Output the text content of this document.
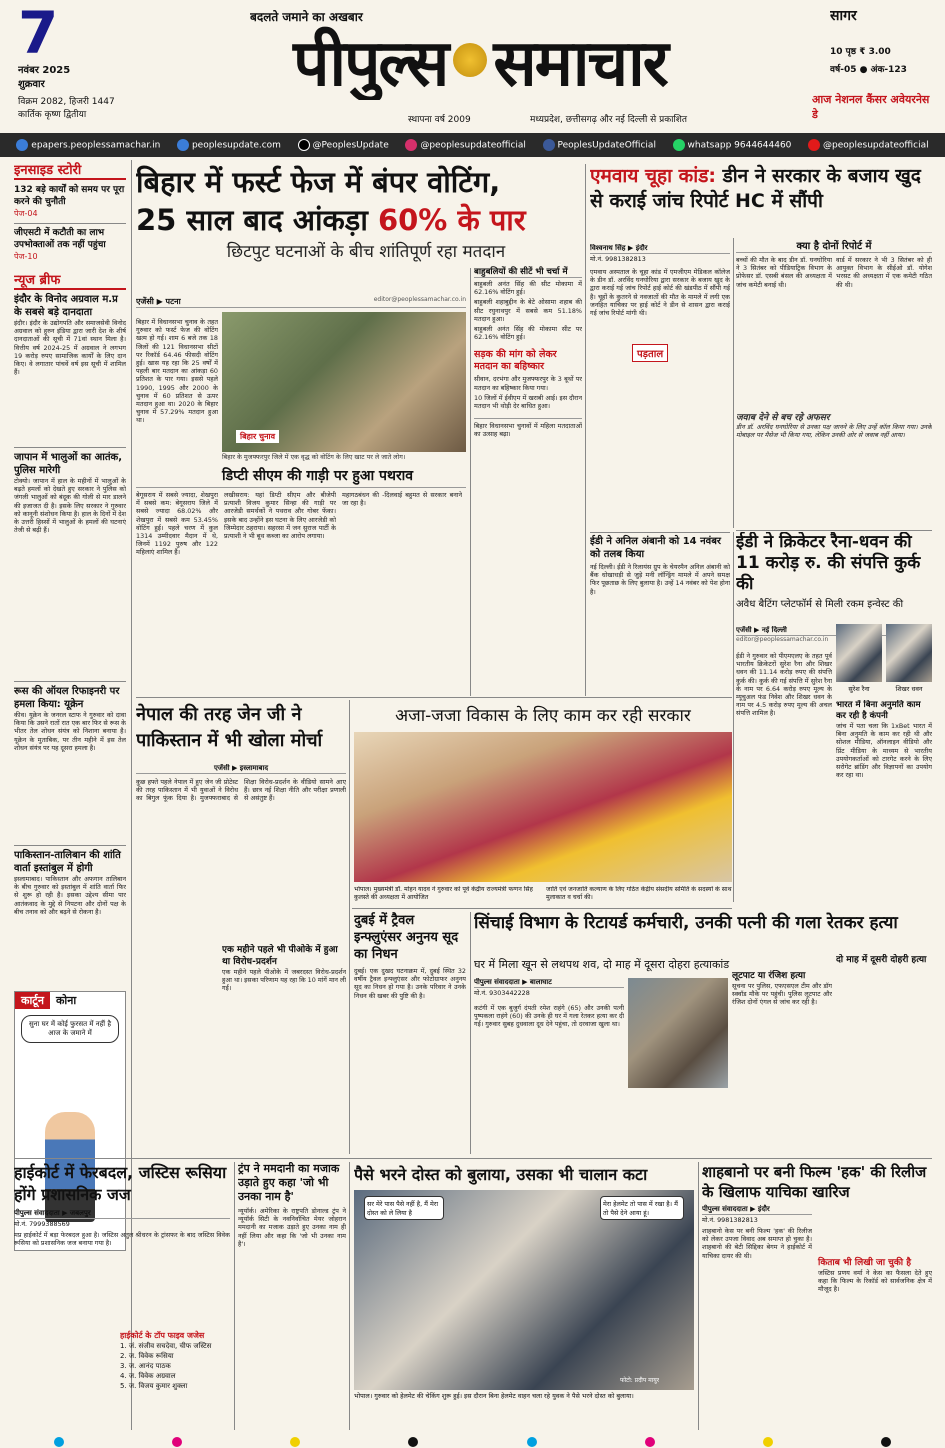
7
नवंबर 2025
शुक्रवार
विक्रम 2082, हिजरी 1447
कार्तिक कृष्ण द्वितीया
बदलते जमाने का अखबार
पीपुल्स समाचार
स्थापना वर्ष 2009	मध्यप्रदेश, छत्तीसगढ़ और नई दिल्ली से प्रकाशित
सागर
10 पृष्ठ ₹ 3.00
वर्ष-05 ● अंक-123
आज नेशनल कैंसर अवेयरनेस डे
epapers.peoplessamachar.in	peoplesupdate.com	@PeoplesUpdate	@peoplesupdateofficial	PeoplesUpdateOfficial	whatsapp 9644644460	@peoplesupdateofficial
इनसाइड स्टोरी
132 बड़े कार्यों को समय पर पूरा करने की चुनौती
पेज-04
जीएसटी में कटौती का लाभ उपभोक्ताओं तक नहीं पहुंचा
पेज-10
न्यूज ब्रीफ
इंदौर के विनोद अग्रवाल म.प्र के सबसे बड़े दानदाता
इंदौर। इंदौर के उद्योगपति और समाजसेवी विनोद अग्रवाल को हुरुन इंडिया द्वारा जारी देश के शीर्ष दानदाताओं की सूची में 71वां स्थान मिला है। वित्तीय वर्ष 2024-25 में अग्रवाल ने लगभग 19 करोड़ रुपए सामाजिक कार्यों के लिए दान किए। वे लगातार पांचवें वर्ष इस सूची में शामिल हैं।
जापान में भालुओं का आतंक, पुलिस मारेगी
टोक्यो। जापान में हाल के महीनों में भालुओं के बढ़ते हमलों को देखते हुए सरकार ने पुलिस को जंगली भालुओं को बंदूक की गोली से मार डालने की इजाजत दी है। इसके लिए सरकार ने गुरुवार को कानूनी संशोधन किया है। हाल के दिनों में देश के उत्तरी हिस्सों में भालुओं के हमलों की घटनाएं तेजी से बढ़ी हैं।
रूस की ऑयल रिफाइनरी पर हमला किया: यूक्रेन
कीव। यूक्रेन के जनरल स्टाफ ने गुरुवार को दावा किया कि उसने रातों रात एक बार फिर से रूस के भीतर तेल शोधन संयंत्र को निशाना बनाया है। यूक्रेन के मुताबिक, पर तीन महीने में इस तेल शोधन संयंत्र पर यह दूसरा हमला है।
पाकिस्तान-तालिबान की शांति वार्ता इस्तांबुल में होगी
इस्लामाबाद। पाकिस्तान और अफगान तालिबान के बीच गुरुवार को इस्तांबुल में शांति वार्ता फिर से शुरू हो रही है। इसका उद्देश्य सीमा पार आतंकवाद के मुद्दे से निपटना और दोनों पक्ष के बीच तनाव को और बढ़ने से रोकना है।
कार्टून	कोना
सुना घर में कोई फुरसत में नहीं है आज के जमाने में
बिहार में फर्स्ट फेज में बंपर वोटिंग,
25 साल बाद आंकड़ा 60% के पार
छिटपुट घटनाओं के बीच शांतिपूर्ण रहा मतदान
एजेंसी ▶ पटना	editor@peoplessamachar.co.in
बिहार चुनाव
बिहार के मुजफ्फरपुर जिले में एक वृद्ध को वोटिंग के लिए खाट पर ले जाते लोग।
बिहार में विधानसभा चुनाव के तहत गुरुवार को फर्स्ट फेज की वोटिंग खत्म हो गई। शाम 6 बजे तक 18 जिलों की 121 विधानसभा सीटों पर रिकॉर्ड 64.46 फीसदी वोटिंग हुई। खास यह रहा कि 25 वर्षों में पहली बार मतदान का आंकड़ा 60 प्रतिशत के पार गया। इससे पहले 1990, 1995 और 2000 के चुनाव में 60 प्रतिशत से ऊपर मतदान हुआ था। 2020 के बिहार चुनाव में 57.29% मतदान हुआ था।
डिप्टी सीएम की गाड़ी पर हुआ पथराव
बेगूसराय में सबसे ज्यादा, शेखपुरा में सबसे कम: बेगूसराय जिले में सबसे ज्यादा 68.02% और शेखपुरा में सबसे कम 53.45% वोटिंग हुई। पहले चरण में कुल 1314 उम्मीदवार मैदान में थे, जिनमें 1192 पुरुष और 122 महिलाएं शामिल हैं।
लखीसराय: यहां डिप्टी सीएम और बीजेपी प्रत्याशी विजय कुमार सिन्हा की गाड़ी पर आरजेडी समर्थकों ने पथराव और गोबर फेंका। इसके बाद उन्होंने इस घटना के लिए आरजेडी को जिम्मेदार ठहराया। सहरसा में जन सुराज पार्टी के प्रत्याशी ने भी बूथ कब्जा का आरोप लगाया।
महागठबंधन की -दिलवाई बहुमत से सरकार बनाने जा रहा है।
बाहुबलियों की सीटें भी चर्चा में
बाहुबली अनंत सिंह की सीट मोकामा में 62.16% वोटिंग हुई।
बाहुबली शहाबुद्दीन के बेटे ओसामा शहाब की सीट रघुनाथपुर में सबसे कम 51.18% मतदान हुआ।
बाहुबली अनंत सिंह की मोकामा सीट पर 62.16% वोटिंग हुई।
सड़क की मांग को लेकर मतदान का बहिष्कार
सीवान, दरभंगा और मुजफ्फरपुर के 3 बूथों पर मतदान का बहिष्कार किया गया।
10 जिलों में ईवीएम में खराबी आई। इस दौरान मतदान भी थोड़ी देर बाधित हुआ।
बिहार विधानसभा चुनावों में महिला मतदाताओं का उत्साह बढ़ा।
एमवाय चूहा कांड: डीन ने सरकार के बजाय खुद से कराई जांच रिपोर्ट HC में सौंपी
विश्वनाथ सिंह ▶ इंदौर
मो.नं. 9981382813
एमवाय अस्पताल के चूहा कांड में एमजीएम मेडिकल कॉलेज के डीन डॉ. अरविंद घनघोरिया द्वारा सरकार के बजाय खुद के द्वारा कराई गई जांच रिपोर्ट हाई कोर्ट की खंडपीठ में सौंपी गई है। चूहों के कुतरने से नवजातों की मौत के मामले में लगी एक जनहित याचिका पर हाई कोर्ट ने डीन से शासन द्वारा कराई गई जांच रिपोर्ट मांगी थी।
पड़ताल
क्या है दोनों रिपोर्ट में
बच्चों की मौत के बाद डीन डॉ. घनघोरिया ने 3 सितंबर को पीडियाट्रिक विभाग के प्रोफेसर डॉ. एसबी बंसल की अध्यक्षता में जांच कमेटी बनाई थी।
वार्ड में सरकार ने भी 3 सितंबर को ही आयुक्त विभाग के सीईओ डॉ. योगेश भरसट की अध्यक्षता में एक कमेटी गठित की थी।
जवाब देने से बच रहे अफसर
डीन डॉ. अरविंद घनघोरिया से उनका पक्ष जानने के लिए उन्हें कॉल किया गया। उनके मोबाइल पर मैसेज भी किया गया, लेकिन उनकी ओर से जवाब नहीं आया।
ईडी ने अनिल अंबानी को 14 नवंबर को तलब किया
नई दिल्ली। ईडी ने रिलायंस ग्रुप के चेयरमैन अनिल अंबानी को बैंक धोखाधड़ी से जुड़े मनी लॉन्ड्रिंग मामले में अपने समक्ष फिर पूछताछ के लिए बुलाया है। उन्हें 14 नवंबर को पेश होना है।
ईडी ने क्रिकेटर रैना-धवन की 11 करोड़ रु. की संपत्ति कुर्क की
अवैध बैटिंग प्लेटफॉर्म से मिली रकम इन्वेस्ट की
एजेंसी ▶ नई दिल्ली
editor@peoplessamachar.co.in
ईडी ने गुरुवार को पीएमएलए के तहत पूर्व भारतीय क्रिकेटरों सुरेश रैना और शिखर धवन की 11.14 करोड़ रुपए की संपत्ति कुर्क की। कुर्क की गई संपत्ति में सुरेश रैना के नाम पर 6.64 करोड़ रुपए मूल्य के म्यूचुअल फंड निवेश और शिखर धवन के नाम पर 4.5 करोड़ रुपए मूल्य की अचल संपत्ति शामिल है।
सुरेश रैना	शिखर धवन
भारत में बिना अनुमति काम कर रही है कंपनी
जांच में पता चला कि 1xBet भारत में बिना अनुमति के काम कर रही थी और सोशल मीडिया, ऑनलाइन वीडियो और प्रिंट मीडिया के माध्यम से भारतीय उपयोगकर्ताओं को टारगेट करने के लिए सरोगेट ब्रांडिंग और विज्ञापनों का उपयोग कर रहा था।
नेपाल की तरह जेन जी ने पाकिस्तान में भी खोला मोर्चा
एजेंसी ▶ इस्लामाबाद
कुछ हफ्ते पहले नेपाल में हुए जेन जी प्रोटेस्ट की तरह पाकिस्तान में भी युवाओं ने विरोध का बिगुल फूंक दिया है। मुजफ्फराबाद से शिक्षा विरोध-प्रदर्शन के वीडियो सामने आए हैं। छात्र नई शिक्षा नीति और परीक्षा प्रणाली से असंतुष्ट हैं।
एक महीने पहले भी पीओके में हुआ था विरोध-प्रदर्शन
एक महीने पहले पीओके में जबरदस्त विरोध-प्रदर्शन हुआ था। इसका परिणाम यह रहा कि 10 मांगें मान ली गईं।
अजा-जजा विकास के लिए काम कर रही सरकार
भोपाल। मुख्यमंत्री डॉ. मोहन यादव ने गुरुवार को पूर्व केंद्रीय राज्यमंत्री फग्गन सिंह कुलस्ते की अध्यक्षता में आयोजित
जाति एवं जनजाति कल्याण के लिए गठित केंद्रीय संसदीय समिति के सदस्यों के साथ मुलाकात व चर्चा की।
दुबई में ट्रैवल इन्फ्लुएंसर अनुनय सूद का निधन
दुबई। एक दुखद घटनाक्रम में, दुबई स्थित 32 वर्षीय ट्रैवल इन्फ्लुएंसर और फोटोग्राफर अनुनय सूद का निधन हो गया है। उनके परिवार ने उनके निधन की खबर की पुष्टि की है।
सिंचाई विभाग के रिटायर्ड कर्मचारी, उनकी पत्नी की गला रेतकर हत्या
घर में मिला खून से लथपथ शव, दो माह में दूसरा दोहरा हत्याकांड
पीपुल्स संवाददाता ▶ बालाघाट
मो.नं. 9303442228
कटंगी में एक बुजुर्ग दंपती रमेश राहंगे (65) और उनकी पत्नी पुष्पकला राहंगे (60) की उनके ही घर में गला रेतकर हत्या कर दी गई। गुरुवार सुबह दुधवाला दूध देने पहुंचा, तो दरवाजा खुला था।
लूटपाट या रंजिश हत्या
सूचना पर पुलिस, एफएसएल टीम और डॉग स्क्वॉड मौके पर पहुंची। पुलिस लूटपाट और रंजिश दोनों एंगल से जांच कर रही है।
दो माह में दूसरी दोहरी हत्या
हाईकोर्ट में फेरबदल, जस्टिस रूसिया होंगे प्रशासनिक जज
पीपुल्स संवाददाता ▶ जबलपुर
मो.नं. 7999388569
मप्र हाईकोर्ट में बड़ा फेरबदल हुआ है। जस्टिस अतुल श्रीधरन के ट्रांसफर के बाद जस्टिस विवेक रूसिया को प्रशासनिक जज बनाया गया है।
हाईकोर्ट के टॉप फाइव जजेस
1. जं. संजीव सचदेवा, चीफ जस्टिस
2. ज. विवेक रूसिया
3. ज. आनंद पाठक
4. ज. विवेक अग्रवाल
5. ज. विजय कुमार शुक्ला
ट्रंप ने ममदानी का मजाक उड़ाते हुए कहा 'जो भी उनका नाम है'
न्यूयॉर्क। अमेरिका के राष्ट्रपति डोनाल्ड ट्रंप ने न्यूयॉर्क सिटी के नवनिर्वाचित मेयर जोहरान ममदानी का मजाक उड़ाते हुए उनका नाम ही नहीं लिया और कहा कि 'जो भी उनका नाम है'।
पैसे भरने दोस्त को बुलाया, उसका भी चालान कटा
सर मेरे पास पैसे नहीं है, मैं मेरा दोस्त को ले लिया है
मेरा हेलमेट तो पास में रखा है। मैं तो पैसे देने आया हूं।
फोटो: प्रदीप मायुर
भोपाल। गुरुवार को हेलमेट की चेकिंग शुरू हुई। इस दौरान बिना हेलमेट वाहन चला रहे युवक ने पैसे भरने दोस्त को बुलाया।
शाहबानो पर बनी फिल्म 'हक' की रिलीज के खिलाफ याचिका खारिज
पीपुल्स संवाददाता ▶ इंदौर
मो.नं. 9981382813
शाहबानो केस पर बनी फिल्म 'हक' की रिलीज को लेकर उपजा विवाद अब समाप्त हो चुका है। शाहबानो की बेटी सिद्दिका बेगम ने हाईकोर्ट में याचिका दायर की थी।
किताब भी लिखी जा चुकी है
जस्टिस प्रणय वर्मा ने केस का फैसला देते हुए कहा कि फिल्म के रिकॉर्ड को सार्वजनिक क्षेत्र में मौजूद है।
